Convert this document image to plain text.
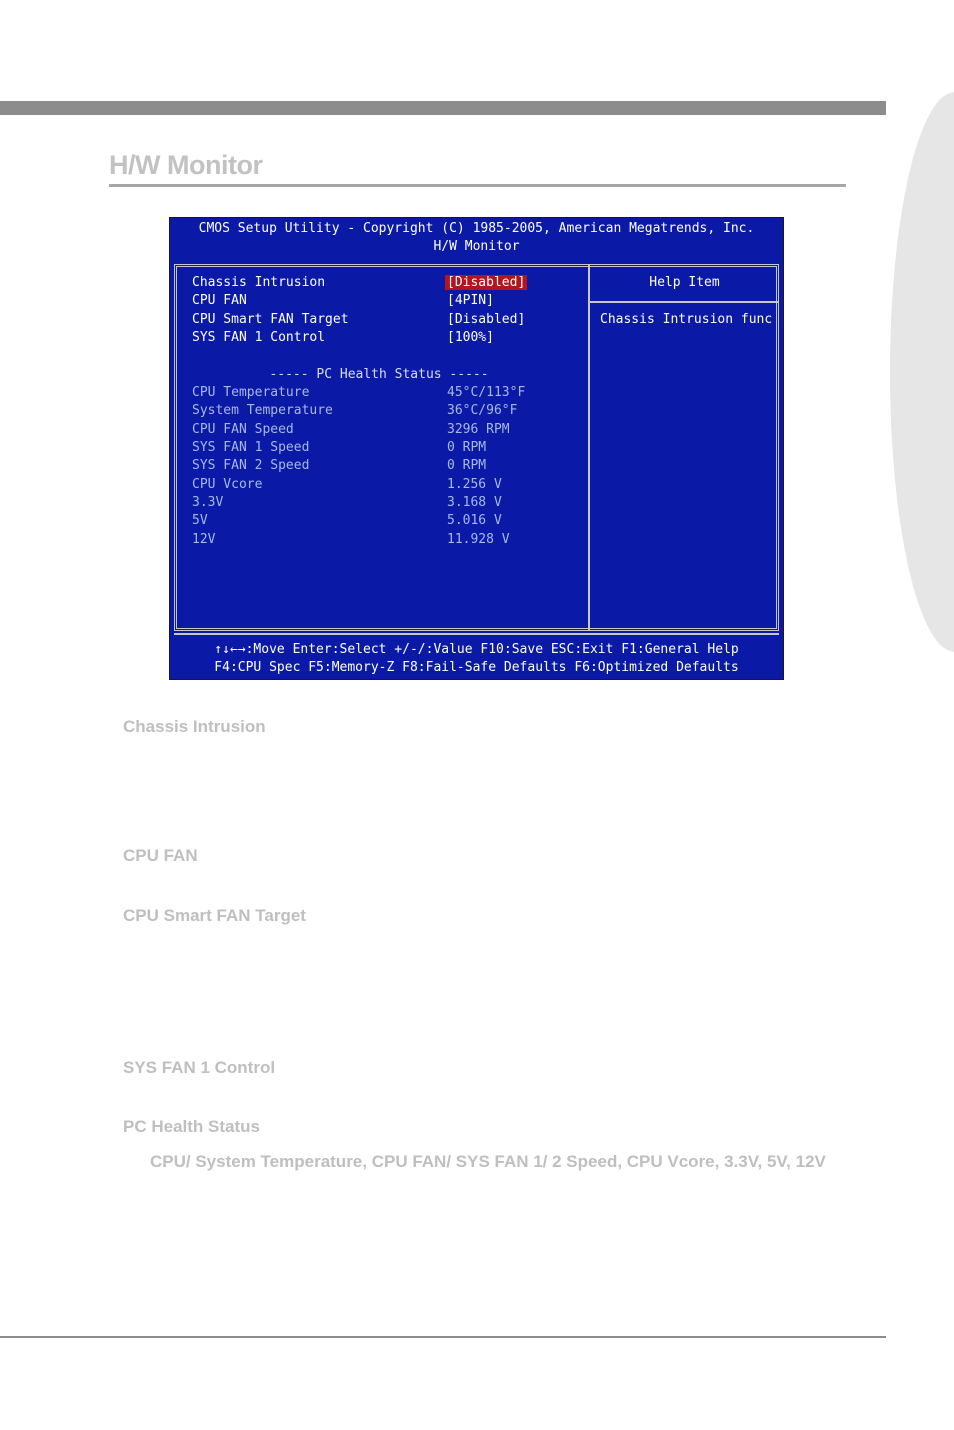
H/W Monitor
CMOS Setup Utility - Copyright (C) 1985-2005, American Megatrends, Inc.
H/W Monitor
Chassis Intrusion	[Disabled]
CPU FAN	[4PIN]
CPU Smart FAN Target	[Disabled]
SYS FAN 1 Control	[100%]
----- PC Health Status -----
CPU Temperature	45°C/113°F
System Temperature	36°C/96°F
CPU FAN Speed	3296 RPM
SYS FAN 1 Speed	0 RPM
SYS FAN 2 Speed	0 RPM
CPU Vcore	1.256 V
3.3V	3.168 V
5V	5.016 V
12V	11.928 V
Help Item
Chassis Intrusion func
↑↓←→:Move Enter:Select +/-/:Value F10:Save ESC:Exit F1:General Help
F4:CPU Spec F5:Memory-Z F8:Fail-Safe Defaults F6:Optimized Defaults
Chassis Intrusion
CPU FAN
CPU Smart FAN Target
SYS FAN 1 Control
PC Health Status

CPU/ System Temperature, CPU FAN/ SYS FAN 1/ 2 Speed, CPU Vcore, 3.3V, 5V, 12V
